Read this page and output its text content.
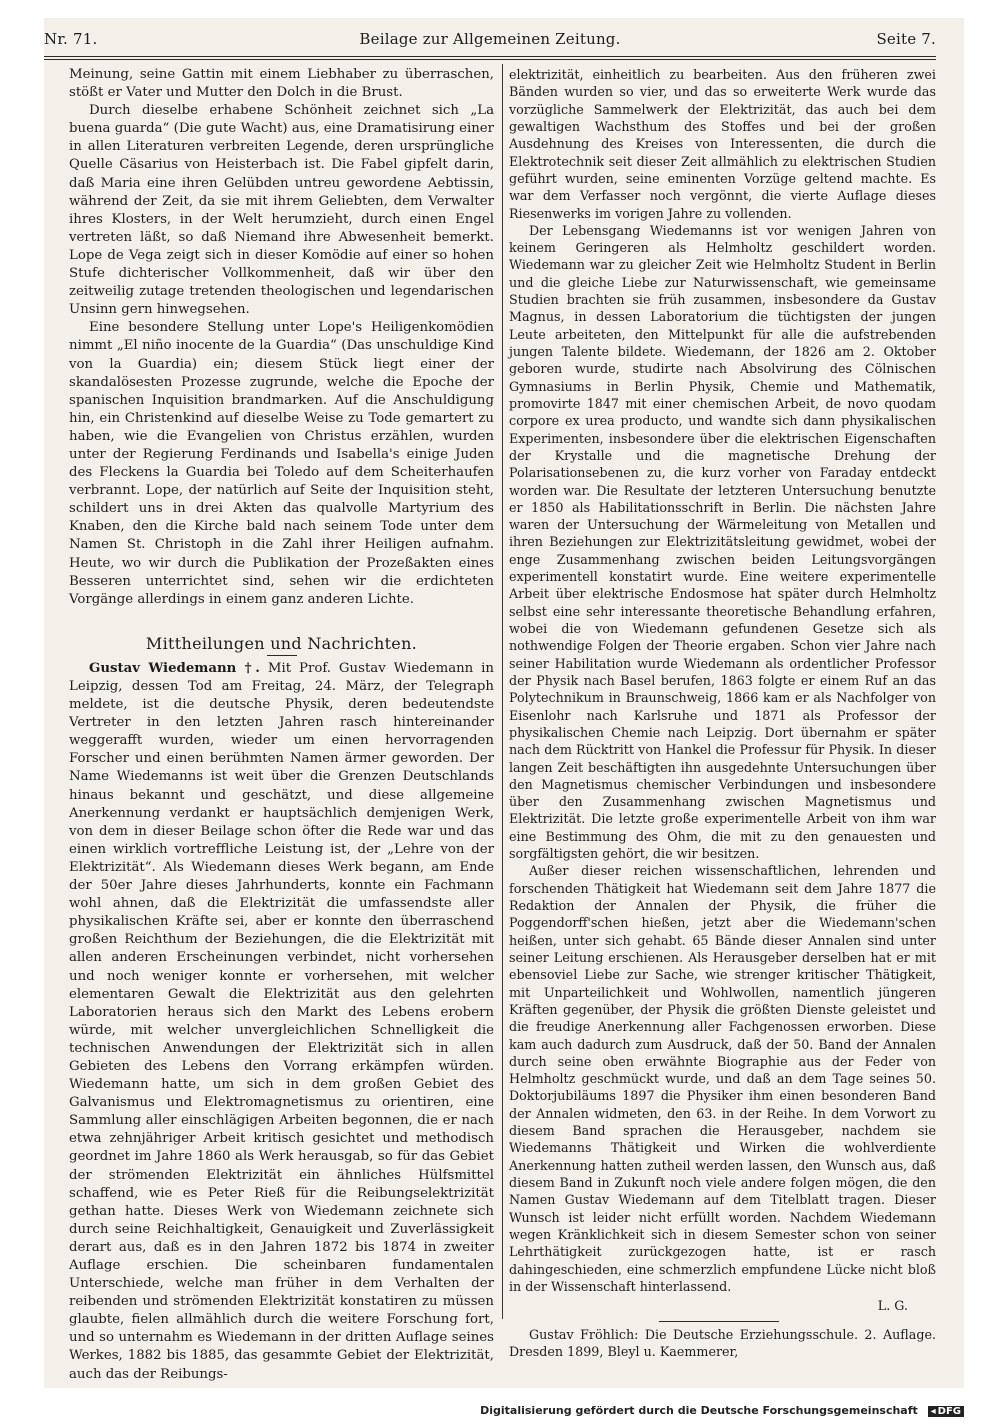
Nr. 71.	Beilage zur Allgemeinen Zeitung.	Seite 7.

Meinung, seine Gattin mit einem Liebhaber zu überraschen, stößt er Vater und Mutter den Dolch in die Brust.

Durch dieselbe erhabene Schönheit zeichnet sich „La buena guarda“ (Die gute Wacht) aus, eine Dramatisirung einer in allen Literaturen verbreiten Legende, deren ursprüngliche Quelle Cäsarius von Heisterbach ist. Die Fabel gipfelt darin, daß Maria eine ihren Gelübden untreu gewordene Aebtissin, während der Zeit, da sie mit ihrem Geliebten, dem Verwalter ihres Klosters, in der Welt herumzieht, durch einen Engel vertreten läßt, so daß Niemand ihre Abwesenheit bemerkt. Lope de Vega zeigt sich in dieser Komödie auf einer so hohen Stufe dichterischer Vollkommenheit, daß wir über den zeitweilig zutage tretenden theologischen und legendarischen Unsinn gern hinwegsehen.

Eine besondere Stellung unter Lope's Heiligenkomödien nimmt „El niño inocente de la Guardia“ (Das unschuldige Kind von la Guardia) ein; diesem Stück liegt einer der skandalösesten Prozesse zugrunde, welche die Epoche der spanischen Inquisition brandmarken. Auf die Anschuldigung hin, ein Christenkind auf dieselbe Weise zu Tode gemartert zu haben, wie die Evangelien von Christus erzählen, wurden unter der Regierung Ferdinands und Isabella's einige Juden des Fleckens la Guardia bei Toledo auf dem Scheiterhaufen verbrannt. Lope, der natürlich auf Seite der Inquisition steht, schildert uns in drei Akten das qualvolle Martyrium des Knaben, den die Kirche bald nach seinem Tode unter dem Namen St. Christoph in die Zahl ihrer Heiligen aufnahm. Heute, wo wir durch die Publikation der Prozeßakten eines Besseren unterrichtet sind, sehen wir die erdichteten Vorgänge allerdings in einem ganz anderen Lichte.

Mittheilungen und Nachrichten.

Gustav Wiedemann †. Mit Prof. Gustav Wiedemann in Leipzig, dessen Tod am Freitag, 24. März, der Telegraph meldete, ist die deutsche Physik, deren bedeutendste Vertreter in den letzten Jahren rasch hintereinander weggerafft wurden, wieder um einen hervorragenden Forscher und einen berühmten Namen ärmer geworden. Der Name Wiedemanns ist weit über die Grenzen Deutschlands hinaus bekannt und geschätzt, und diese allgemeine Anerkennung verdankt er hauptsächlich demjenigen Werk, von dem in dieser Beilage schon öfter die Rede war und das einen wirklich vortreffliche Leistung ist, der „Lehre von der Elektrizität“. Als Wiedemann dieses Werk begann, am Ende der 50er Jahre dieses Jahrhunderts, konnte ein Fachmann wohl ahnen, daß die Elektrizität die umfassendste aller physikalischen Kräfte sei, aber er konnte den überraschend großen Reichthum der Beziehungen, die die Elektrizität mit allen anderen Erscheinungen verbindet, nicht vorhersehen und noch weniger konnte er vorhersehen, mit welcher elementaren Gewalt die Elektrizität aus den gelehrten Laboratorien heraus sich den Markt des Lebens erobern würde, mit welcher unvergleichlichen Schnelligkeit die technischen Anwendungen der Elektrizität sich in allen Gebieten des Lebens den Vorrang erkämpfen würden. Wiedemann hatte, um sich in dem großen Gebiet des Galvanismus und Elektromagnetismus zu orientiren, eine Sammlung aller einschlägigen Arbeiten begonnen, die er nach etwa zehnjähriger Arbeit kritisch gesichtet und methodisch geordnet im Jahre 1860 als Werk herausgab, so für das Gebiet der strömenden Elektrizität ein ähnliches Hülfsmittel schaffend, wie es Peter Rieß für die Reibungselektrizität gethan hatte. Dieses Werk von Wiedemann zeichnete sich durch seine Reichhaltigkeit, Genauigkeit und Zuverlässigkeit derart aus, daß es in den Jahren 1872 bis 1874 in zweiter Auflage erschien. Die scheinbaren fundamentalen Unterschiede, welche man früher in dem Verhalten der reibenden und strömenden Elektrizität konstatiren zu müssen glaubte, fielen allmählich durch die weitere Forschung fort, und so unternahm es Wiedemann in der dritten Auflage seines Werkes, 1882 bis 1885, das gesammte Gebiet der Elektrizität, auch das der Reibungs-

elektrizität, einheitlich zu bearbeiten. Aus den früheren zwei Bänden wurden so vier, und das so erweiterte Werk wurde das vorzügliche Sammelwerk der Elektrizität, das auch bei dem gewaltigen Wachsthum des Stoffes und bei der großen Ausdehnung des Kreises von Interessenten, die durch die Elektrotechnik seit dieser Zeit allmählich zu elektrischen Studien geführt wurden, seine eminenten Vorzüge geltend machte. Es war dem Verfasser noch vergönnt, die vierte Auflage dieses Riesenwerks im vorigen Jahre zu vollenden.

Der Lebensgang Wiedemanns ist vor wenigen Jahren von keinem Geringeren als Helmholtz geschildert worden. Wiedemann war zu gleicher Zeit wie Helmholtz Student in Berlin und die gleiche Liebe zur Naturwissenschaft, wie gemeinsame Studien brachten sie früh zusammen, insbesondere da Gustav Magnus, in dessen Laboratorium die tüchtigsten der jungen Leute arbeiteten, den Mittelpunkt für alle die aufstrebenden jungen Talente bildete. Wiedemann, der 1826 am 2. Oktober geboren wurde, studirte nach Absolvirung des Cölnischen Gymnasiums in Berlin Physik, Chemie und Mathematik, promovirte 1847 mit einer chemischen Arbeit, de novo quodam corpore ex urea producto, und wandte sich dann physikalischen Experimenten, insbesondere über die elektrischen Eigenschaften der Krystalle und die magnetische Drehung der Polarisationsebenen zu, die kurz vorher von Faraday entdeckt worden war. Die Resultate der letzteren Untersuchung benutzte er 1850 als Habilitationsschrift in Berlin. Die nächsten Jahre waren der Untersuchung der Wärmeleitung von Metallen und ihren Beziehungen zur Elektrizitätsleitung gewidmet, wobei der enge Zusammenhang zwischen beiden Leitungsvorgängen experimentell konstatirt wurde. Eine weitere experimentelle Arbeit über elektrische Endosmose hat später durch Helmholtz selbst eine sehr interessante theoretische Behandlung erfahren, wobei die von Wiedemann gefundenen Gesetze sich als nothwendige Folgen der Theorie ergaben. Schon vier Jahre nach seiner Habilitation wurde Wiedemann als ordentlicher Professor der Physik nach Basel berufen, 1863 folgte er einem Ruf an das Polytechnikum in Braunschweig, 1866 kam er als Nachfolger von Eisenlohr nach Karlsruhe und 1871 als Professor der physikalischen Chemie nach Leipzig. Dort übernahm er später nach dem Rücktritt von Hankel die Professur für Physik. In dieser langen Zeit beschäftigten ihn ausgedehnte Untersuchungen über den Magnetismus chemischer Verbindungen und insbesondere über den Zusammenhang zwischen Magnetismus und Elektrizität. Die letzte große experimentelle Arbeit von ihm war eine Bestimmung des Ohm, die mit zu den genauesten und sorgfältigsten gehört, die wir besitzen.

Außer dieser reichen wissenschaftlichen, lehrenden und forschenden Thätigkeit hat Wiedemann seit dem Jahre 1877 die Redaktion der Annalen der Physik, die früher die Poggendorff'schen hießen, jetzt aber die Wiedemann'schen heißen, unter sich gehabt. 65 Bände dieser Annalen sind unter seiner Leitung erschienen. Als Herausgeber derselben hat er mit ebensoviel Liebe zur Sache, wie strenger kritischer Thätigkeit, mit Unparteilichkeit und Wohlwollen, namentlich jüngeren Kräften gegenüber, der Physik die größten Dienste geleistet und die freudige Anerkennung aller Fachgenossen erworben. Diese kam auch dadurch zum Ausdruck, daß der 50. Band der Annalen durch seine oben erwähnte Biographie aus der Feder von Helmholtz geschmückt wurde, und daß an dem Tage seines 50. Doktorjubiläums 1897 die Physiker ihm einen besonderen Band der Annalen widmeten, den 63. in der Reihe. In dem Vorwort zu diesem Band sprachen die Herausgeber, nachdem sie Wiedemanns Thätigkeit und Wirken die wohlverdiente Anerkennung hatten zutheil werden lassen, den Wunsch aus, daß diesem Band in Zukunft noch viele andere folgen mögen, die den Namen Gustav Wiedemann auf dem Titelblatt tragen. Dieser Wunsch ist leider nicht erfüllt worden. Nachdem Wiedemann wegen Kränklichkeit sich in diesem Semester schon von seiner Lehrthätigkeit zurückgezogen hatte, ist er rasch dahingeschieden, eine schmerzlich empfundene Lücke nicht bloß in der Wissenschaft hinterlassend.

L. G.

Gustav Fröhlich: Die Deutsche Erziehungsschule. 2. Auflage. Dresden 1899, Bleyl u. Kaemmerer,

Digitalisierung gefördert durch die Deutsche Forschungsgemeinschaft ◂ DFG
